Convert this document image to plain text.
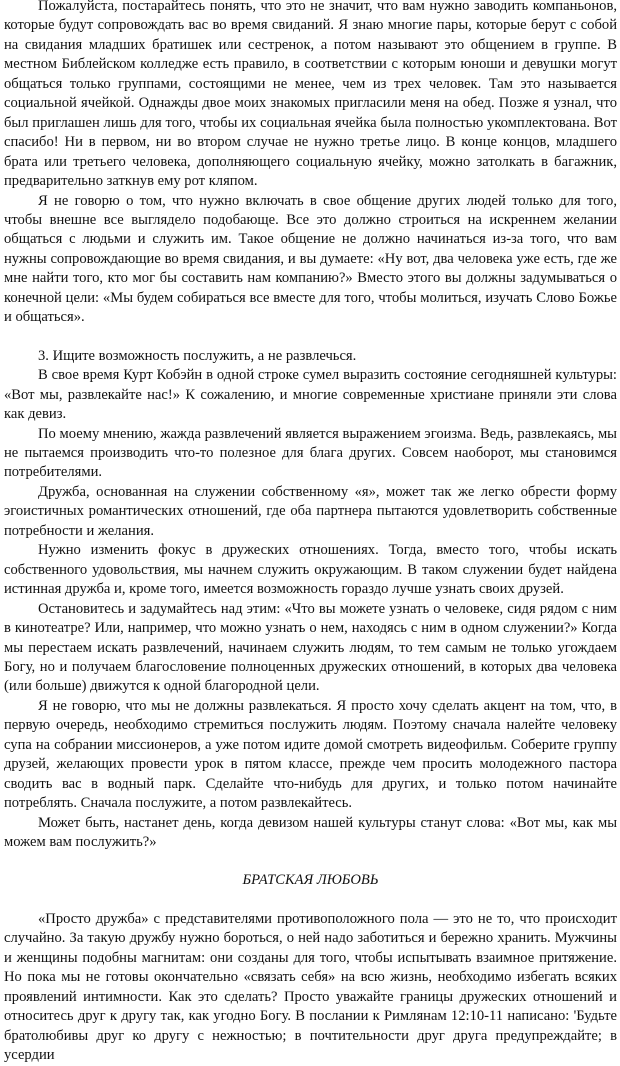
Пожалуйста, постарайтесь понять, что это не значит, что вам нужно заводить компаньонов, которые будут сопровождать вас во время свиданий. Я знаю многие пары, которые берут с собой на свидания младших братишек или сестренок, а потом называют это общением в группе. В местном Библейском колледже есть правило, в соответствии с которым юноши и девушки могут общаться только группами, состоящими не менее, чем из трех человек. Там это называется социальной ячейкой. Однажды двое моих знакомых пригласили меня на обед. Позже я узнал, что был приглашен лишь для того, чтобы их социальная ячейка была полностью укомплектована. Вот спасибо! Ни в первом, ни во втором случае не нужно третье лицо. В конце концов, младшего брата или третьего человека, дополняющего социальную ячейку, можно затолкать в багажник, предварительно заткнув ему рот кляпом.

Я не говорю о том, что нужно включать в свое общение других людей только для того, чтобы внешне все выглядело подобающе. Все это должно строиться на искреннем желании общаться с людьми и служить им. Такое общение не должно начинаться из-за того, что вам нужны сопровождающие во время свидания, и вы думаете: «Ну вот, два человека уже есть, где же мне найти того, кто мог бы составить нам компанию?» Вместо этого вы должны задумываться о конечной цели: «Мы будем собираться все вместе для того, чтобы молиться, изучать Слово Божье и общаться».

3. Ищите возможность послужить, а не развлечься.

В свое время Курт Кобэйн в одной строке сумел выразить состояние сегодняшней культуры: «Вот мы, развлекайте нас!» К сожалению, и многие современные христиане приняли эти слова как девиз.

По моему мнению, жажда развлечений является выражением эгоизма. Ведь, развлекаясь, мы не пытаемся производить что-то полезное для блага других. Совсем наоборот, мы становимся потребителями.

Дружба, основанная на служении собственному «я», может так же легко обрести форму эгоистичных романтических отношений, где оба партнера пытаются удовлетворить собственные потребности и желания.

Нужно изменить фокус в дружеских отношениях. Тогда, вместо того, чтобы искать собственного удовольствия, мы начнем служить окружающим. В таком служении будет найдена истинная дружба и, кроме того, имеется возможность гораздо лучше узнать своих друзей.

Остановитесь и задумайтесь над этим: «Что вы можете узнать о человеке, сидя рядом с ним в кинотеатре? Или, например, что можно узнать о нем, находясь с ним в одном служении?» Когда мы перестаем искать развлечений, начинаем служить людям, то тем самым не только угождаем Богу, но и получаем благословение полноценных дружеских отношений, в которых два человека (или больше) движутся к одной благородной цели.

Я не говорю, что мы не должны развлекаться. Я просто хочу сделать акцент на том, что, в первую очередь, необходимо стремиться послужить людям. Поэтому сначала налейте человеку супа на собрании миссионеров, а уже потом идите домой смотреть видеофильм. Соберите группу друзей, желающих провести урок в пятом классе, прежде чем просить молодежного пастора сводить вас в водный парк. Сделайте что-нибудь для других, и только потом начинайте потреблять. Сначала послужите, а потом развлекайтесь.

Может быть, настанет день, когда девизом нашей культуры станут слова: «Вот мы, как мы можем вам послужить?»

БРАТСКАЯ ЛЮБОВЬ

«Просто дружба» с представителями противоположного пола — это не то, что происходит случайно. За такую дружбу нужно бороться, о ней надо заботиться и бережно хранить. Мужчины и женщины подобны магнитам: они созданы для того, чтобы испытывать взаимное притяжение. Но пока мы не готовы окончательно «связать себя» на всю жизнь, необходимо избегать всяких проявлений интимности. Как это сделать? Просто уважайте границы дружеских отношений и относитесь друг к другу так, как угодно Богу. В послании к Римлянам 12:10-11 написано: 'Будьте братолюбивы друг ко другу с нежностью; в почтительности друг друга предупреждайте; в усердии
